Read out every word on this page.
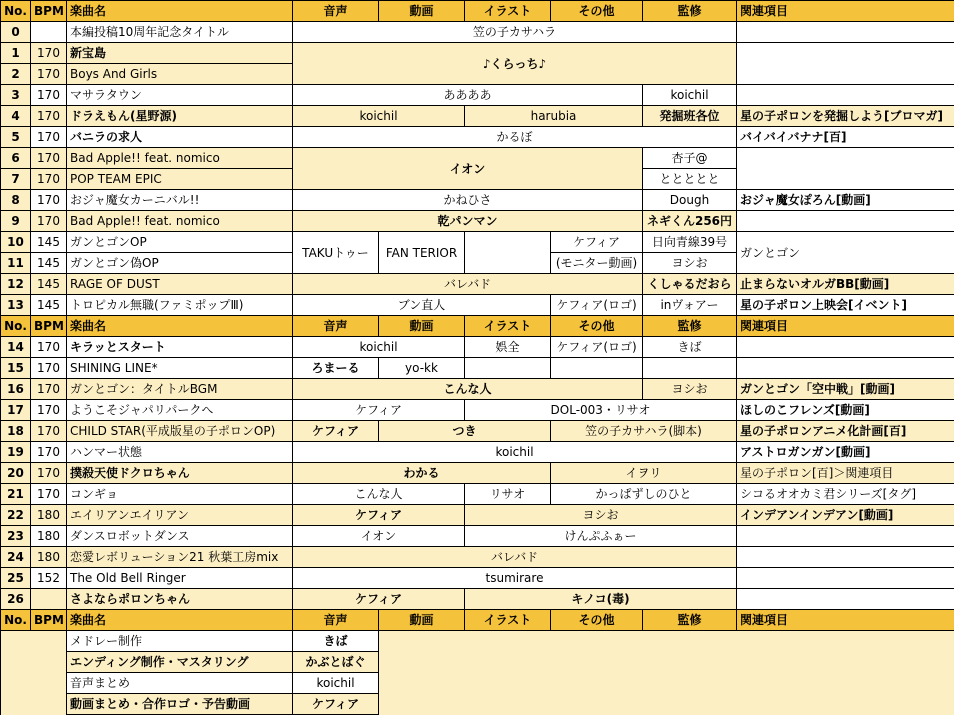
No.	BPM	楽曲名	音声	動画	イラスト	その他	監修	関連項目
0		本編投稿10周年記念タイトル	笠の子カサハラ					
1	170	新宝島	♪くらっち♪					
2	170	Boys And Girls						
3	170	マサラタウン	ああああ				koichil	
4	170	ドラえもん(星野源)	koichil		harubia		発掘班各位	星の子ポロンを発掘しよう[ブロマガ]
5	170	バニラの求人	かるぼ					バイバイバナナ[百]
6	170	Bad Apple!! feat. nomico	イオン				杏子@	
7	170	POP TEAM EPIC					ととととと	
8	170	おジャ魔女カーニバル!!	かねひさ				Dough	おジャ魔女ぽろん[動画]
9	170	Bad Apple!! feat. nomico	乾パンマン				ネギくん256円	
10	145	ガンとゴンOP	TAKUトゥー	FAN TERIOR		ケフィア	日向青線39号	ガンとゴン
11	145	ガンとゴン偽OP				(モニター動画)	ヨシお	
12	145	RAGE OF DUST	バレバド				くしゃるだおら	止まらないオルガBB[動画]
13	145	トロピカル無職(ファミポップⅢ)	ブン直人			ケフィア(ロゴ)	inヴォアー	星の子ポロン上映会[イベント]
No.	BPM	楽曲名	音声	動画	イラスト	その他	監修	関連項目
14	170	キラッとスタート	koichil		娯全	ケフィア(ロゴ)	きば	
15	170	SHINING LINE*	ろまーる	yo-kk				
16	170	ガンとゴン：タイトルBGM	こんな人				ヨシお	ガンとゴン「空中戦」[動画]
17	170	ようこそジャパリパークへ	ケフィア		DOL-003・リサオ			ほしのこフレンズ[動画]
18	170	CHILD STAR(平成版星の子ポロンOP)	ケフィア	つき		笠の子カサハラ(脚本)		星の子ポロンアニメ化計画[百]
19	170	ハンマー状態	koichil					アストロガンガン[動画]
20	170	撲殺天使ドクロちゃん	わかる			イヲリ		星の子ポロン[百]＞関連項目
21	170	コンギョ	こんな人		リサオ	かっぱずしのひと		シコるオオカミ君シリーズ[タグ]
22	180	エイリアンエイリアン	ケフィア		ヨシお			インデアンインデアン[動画]
23	180	ダンスロボットダンス	イオン		けんぷふぁー			
24	180	恋愛レボリューション21 秋葉工房mix	バレバド					
25	152	The Old Bell Ringer	tsumirare					
26		さよならポロンちゃん	ケフィア		キノコ(毒)			
No.	BPM	楽曲名	音声	動画	イラスト	その他	監修	関連項目
		メドレー制作	きば					
		エンディング制作・マスタリング	かぶとばぐ					
		音声まとめ	koichil					
		動画まとめ・合作ロゴ・予告動画	ケフィア					
